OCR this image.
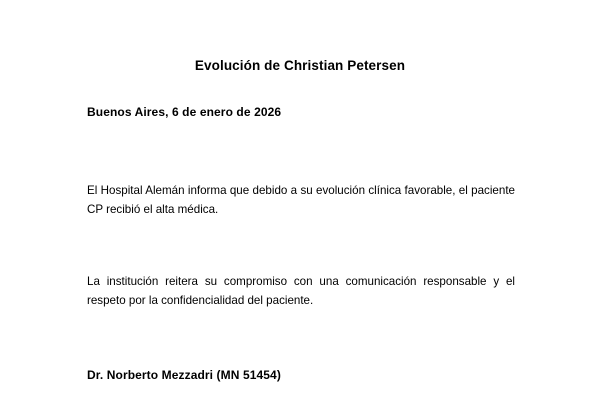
Evolución de Christian Petersen
Buenos Aires, 6 de enero de 2026
El Hospital Alemán informa que debido a su evolución clínica favorable, el paciente CP recibió el alta médica.
La institución reitera su compromiso con una comunicación responsable y el respeto por la confidencialidad del paciente.
Dr. Norberto Mezzadri (MN 51454)
